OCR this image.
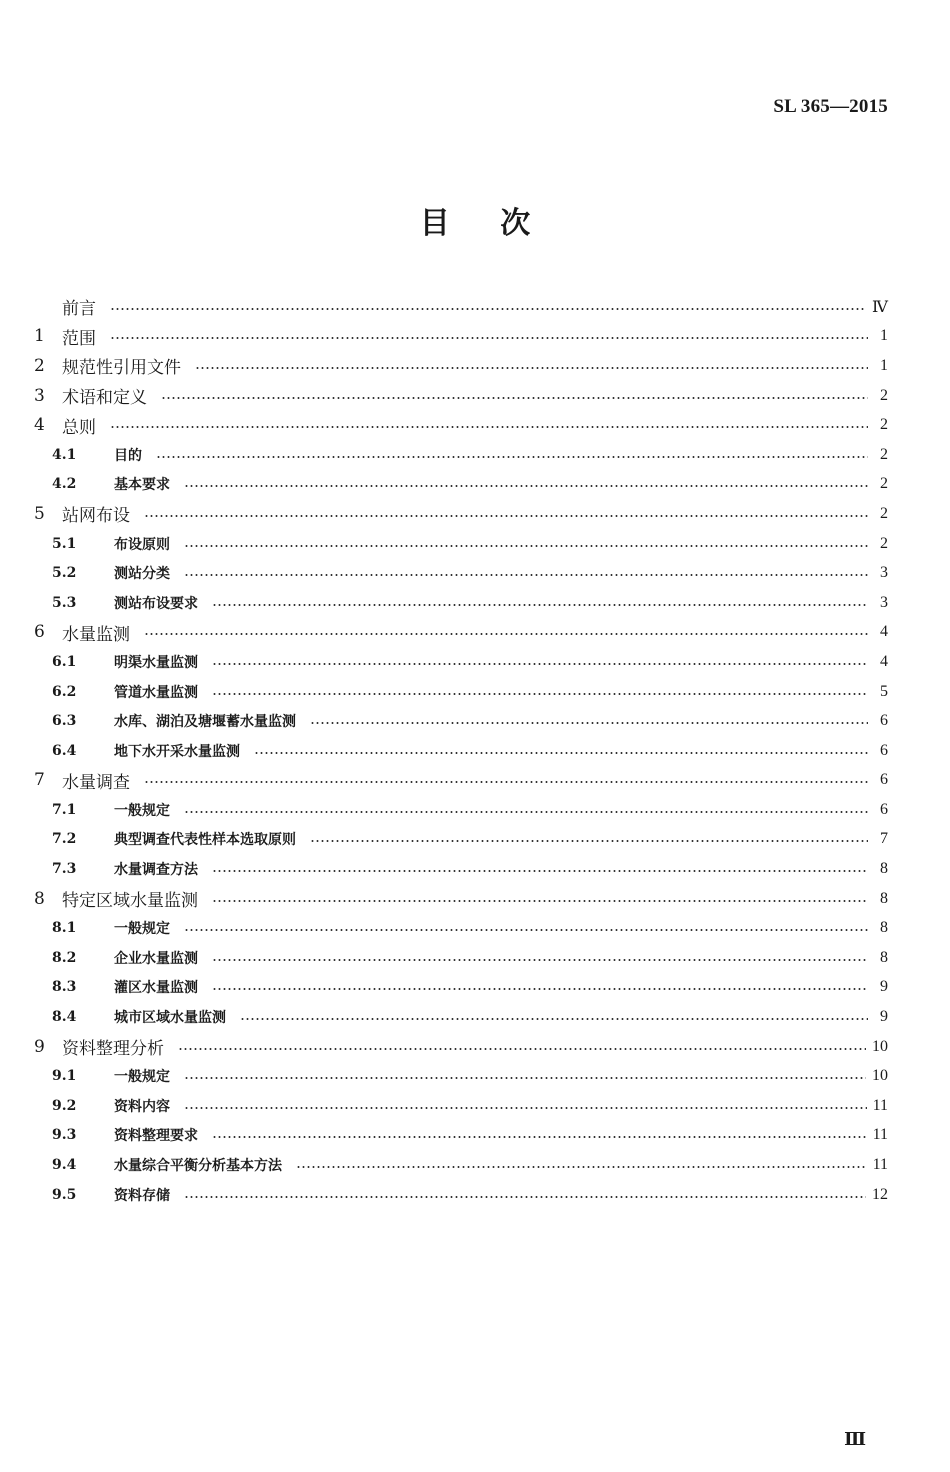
SL 365—2015
目 次
前言	Ⅳ
1	范围	1
2	规范性引用文件	1
3	术语和定义	2
4	总则	2
4.1	目的	2
4.2	基本要求	2
5	站网布设	2
5.1	布设原则	2
5.2	测站分类	3
5.3	测站布设要求	3
6	水量监测	4
6.1	明渠水量监测	4
6.2	管道水量监测	5
6.3	水库、湖泊及塘堰蓄水量监测	6
6.4	地下水开采水量监测	6
7	水量调查	6
7.1	一般规定	6
7.2	典型调查代表性样本选取原则	7
7.3	水量调查方法	8
8	特定区域水量监测	8
8.1	一般规定	8
8.2	企业水量监测	8
8.3	灌区水量监测	9
8.4	城市区域水量监测	9
9	资料整理分析	10
9.1	一般规定	10
9.2	资料内容	11
9.3	资料整理要求	11
9.4	水量综合平衡分析基本方法	11
9.5	资料存储	12
Ⅲ
